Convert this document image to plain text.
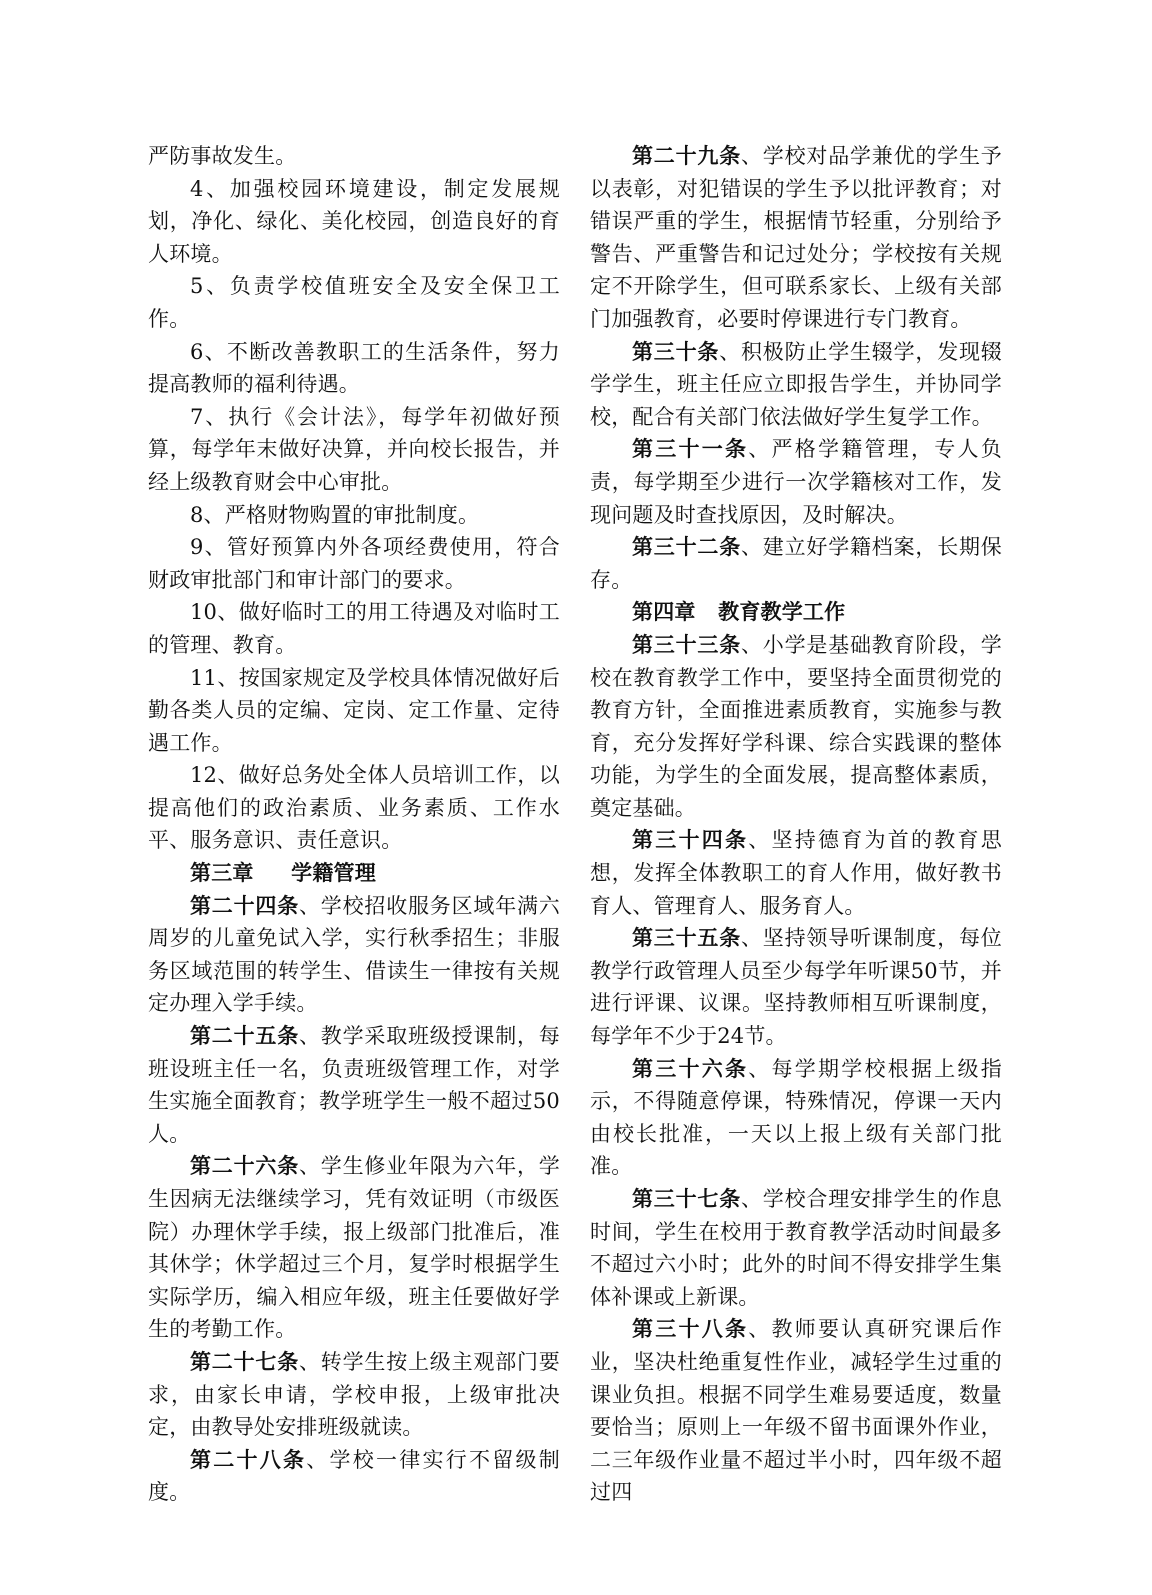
严防事故发生。

4、加强校园环境建设，制定发展规划，净化、绿化、美化校园，创造良好的育人环境。

5、负责学校值班安全及安全保卫工作。

6、不断改善教职工的生活条件，努力提高教师的福利待遇。

7、执行《会计法》，每学年初做好预算，每学年末做好决算，并向校长报告，并经上级教育财会中心审批。

8、严格财物购置的审批制度。

9、管好预算内外各项经费使用，符合财政审批部门和审计部门的要求。

10、做好临时工的用工待遇及对临时工的管理、教育。

11、按国家规定及学校具体情况做好后勤各类人员的定编、定岗、定工作量、定待遇工作。

12、做好总务处全体人员培训工作，以提高他们的政治素质、业务素质、工作水平、服务意识、责任意识。

第三章     学籍管理

第二十四条、学校招收服务区域年满六周岁的儿童免试入学，实行秋季招生；非服务区域范围的转学生、借读生一律按有关规定办理入学手续。

第二十五条、教学采取班级授课制，每班设班主任一名，负责班级管理工作，对学生实施全面教育；教学班学生一般不超过50人。

第二十六条、学生修业年限为六年，学生因病无法继续学习，凭有效证明（市级医院）办理休学手续，报上级部门批准后，准其休学；休学超过三个月，复学时根据学生实际学历，编入相应年级，班主任要做好学生的考勤工作。

第二十七条、转学生按上级主观部门要求，由家长申请，学校申报，上级审批决定，由教导处安排班级就读。

第二十八条、学校一律实行不留级制度。

第二十九条、学校对品学兼优的学生予以表彰，对犯错误的学生予以批评教育；对错误严重的学生，根据情节轻重，分别给予警告、严重警告和记过处分；学校按有关规定不开除学生，但可联系家长、上级有关部门加强教育，必要时停课进行专门教育。

第三十条、积极防止学生辍学，发现辍学学生，班主任应立即报告学生，并协同学校，配合有关部门依法做好学生复学工作。

第三十一条、严格学籍管理，专人负责，每学期至少进行一次学籍核对工作，发现问题及时查找原因，及时解决。

第三十二条、建立好学籍档案，长期保存。

第四章   教育教学工作

第三十三条、小学是基础教育阶段，学校在教育教学工作中，要坚持全面贯彻党的教育方针，全面推进素质教育，实施参与教育，充分发挥好学科课、综合实践课的整体功能，为学生的全面发展，提高整体素质，奠定基础。

第三十四条、坚持德育为首的教育思想，发挥全体教职工的育人作用，做好教书育人、管理育人、服务育人。

第三十五条、坚持领导听课制度，每位教学行政管理人员至少每学年听课50节，并进行评课、议课。坚持教师相互听课制度，每学年不少于24节。

第三十六条、每学期学校根据上级指示，不得随意停课，特殊情况，停课一天内由校长批准，一天以上报上级有关部门批准。

第三十七条、学校合理安排学生的作息时间，学生在校用于教育教学活动时间最多不超过六小时；此外的时间不得安排学生集体补课或上新课。

第三十八条、教师要认真研究课后作业，坚决杜绝重复性作业，减轻学生过重的课业负担。根据不同学生难易要适度，数量要恰当；原则上一年级不留书面课外作业，二三年级作业量不超过半小时，四年级不超过四
